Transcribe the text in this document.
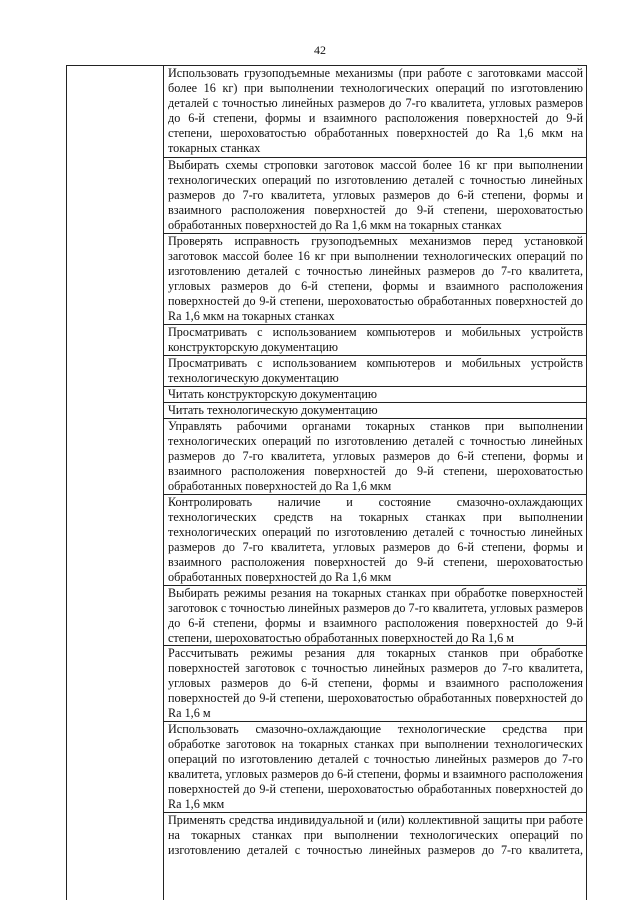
42
Использовать грузоподъемные механизмы (при работе с заготовками массой более 16 кг) при выполнении технологических операций по изготовлению деталей с точностью линейных размеров до 7-го квалитета, угловых размеров до 6-й степени, формы и взаимного расположения поверхностей до 9-й степени, шероховатостью обработанных поверхностей до Ra 1,6 мкм на токарных станках
Выбирать схемы строповки заготовок массой более 16 кг при выполнении технологических операций по изготовлению деталей с точностью линейных размеров до 7-го квалитета, угловых размеров до 6-й степени, формы и взаимного расположения поверхностей до 9-й степени, шероховатостью обработанных поверхностей до Ra 1,6 мкм на токарных станках
Проверять исправность грузоподъемных механизмов перед установкой заготовок массой более 16 кг при выполнении технологических операций по изготовлению деталей с точностью линейных размеров до 7-го квалитета, угловых размеров до 6-й степени, формы и взаимного расположения поверхностей до 9-й степени, шероховатостью обработанных поверхностей до Ra 1,6 мкм на токарных станках
Просматривать с использованием компьютеров и мобильных устройств конструкторскую документацию
Просматривать с использованием компьютеров и мобильных устройств технологическую документацию
Читать конструкторскую документацию
Читать технологическую документацию
Управлять рабочими органами токарных станков при выполнении технологических операций по изготовлению деталей с точностью линейных размеров до 7-го квалитета, угловых размеров до 6-й степени, формы и взаимного расположения поверхностей до 9-й степени, шероховатостью обработанных поверхностей до Ra 1,6 мкм
Контролировать наличие и состояние смазочно-охлаждающих технологических средств на токарных станках при выполнении технологических операций по изготовлению деталей с точностью линейных размеров до 7-го квалитета, угловых размеров до 6-й степени, формы и взаимного расположения поверхностей до 9-й степени, шероховатостью обработанных поверхностей до Ra 1,6 мкм
Выбирать режимы резания на токарных станках при обработке поверхностей заготовок с точностью линейных размеров до 7-го квалитета, угловых размеров до 6-й степени, формы и взаимного расположения поверхностей до 9-й степени, шероховатостью обработанных поверхностей до Ra 1,6 м
Рассчитывать режимы резания для токарных станков при обработке поверхностей заготовок с точностью линейных размеров до 7-го квалитета, угловых размеров до 6-й степени, формы и взаимного расположения поверхностей до 9-й степени, шероховатостью обработанных поверхностей до Ra 1,6 м
Использовать смазочно-охлаждающие технологические средства при обработке заготовок на токарных станках при выполнении технологических операций по изготовлению деталей с точностью линейных размеров до 7-го квалитета, угловых размеров до 6-й степени, формы и взаимного расположения поверхностей до 9-й степени, шероховатостью обработанных поверхностей до Ra 1,6 мкм
Применять средства индивидуальной и (или) коллективной защиты при работе на токарных станках при выполнении технологических операций по изготовлению деталей с точностью линейных размеров до 7-го квалитета,
